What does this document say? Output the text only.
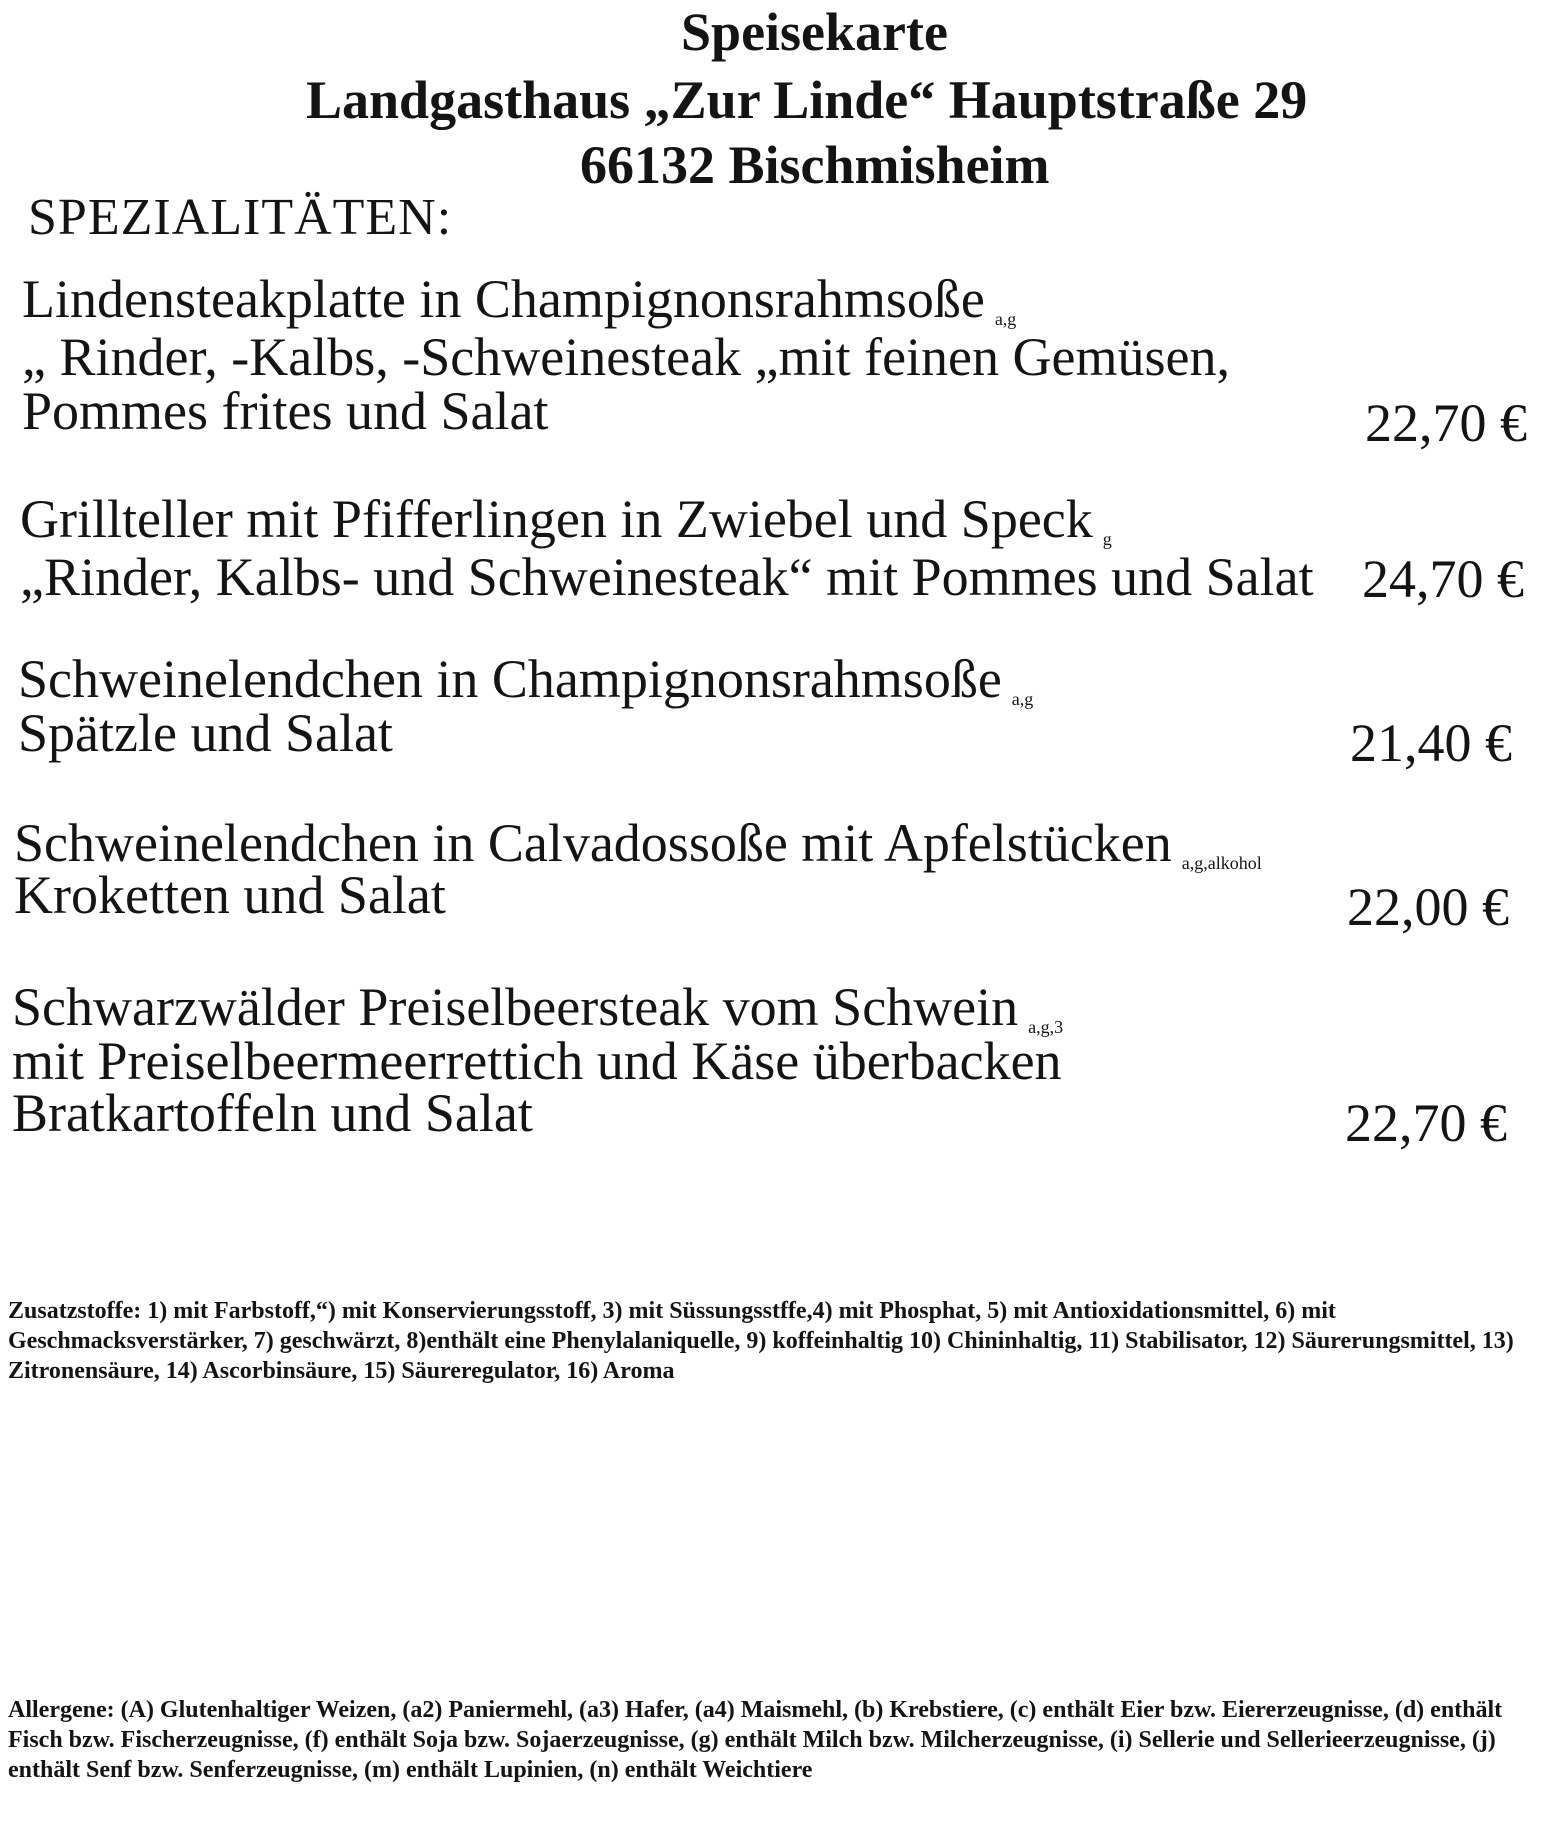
Speisekarte
Landgasthaus „Zur Linde“ Hauptstraße 29
66132 Bischmisheim
SPEZIALITÄTEN:
Lindensteakplatte in Champignonsrahmsoße a,g
„ Rinder, -Kalbs, -Schweinesteak „mit feinen Gemüsen,
Pommes frites und Salat	22,70 €
Grillteller mit Pfifferlingen in Zwiebel und Speck g
„Rinder, Kalbs- und Schweinesteak“ mit Pommes und Salat 24,70 €
Schweinelendchen in Champignonsrahmsoße a,g
Spätzle und Salat	21,40 €
Schweinelendchen in Calvadossoße mit Apfelstücken a,g,alkohol
Kroketten und Salat	22,00 €
Schwarzwälder Preiselbeersteak vom Schwein a,g,3
mit Preiselbeermeerrettich und Käse überbacken
Bratkartoffeln und Salat	22,70 €
Zusatzstoffe: 1) mit Farbstoff,“) mit Konservierungsstoff, 3) mit Süssungsstffe,4) mit Phosphat, 5) mit Antioxidationsmittel, 6) mit Geschmacksverstärker, 7) geschwärzt, 8)enthält eine Phenylalaniquelle, 9) koffeinhaltig 10) Chininhaltig, 11) Stabilisator, 12) Säurerungsmittel, 13) Zitronensäure, 14) Ascorbinsäure, 15) Säureregulator, 16) Aroma
Allergene: (A) Glutenhaltiger Weizen, (a2) Paniermehl, (a3) Hafer, (a4) Maismehl, (b) Krebstiere, (c) enthält Eier bzw. Eiererzeugnisse, (d) enthält Fisch bzw. Fischerzeugnisse, (f) enthält Soja bzw. Sojaerzeugnisse, (g) enthält Milch bzw. Milcherzeugnisse, (i) Sellerie und Sellerieerzeugnisse, (j) enthält Senf bzw. Senferzeugnisse, (m) enthält Lupinien, (n) enthält Weichtiere
